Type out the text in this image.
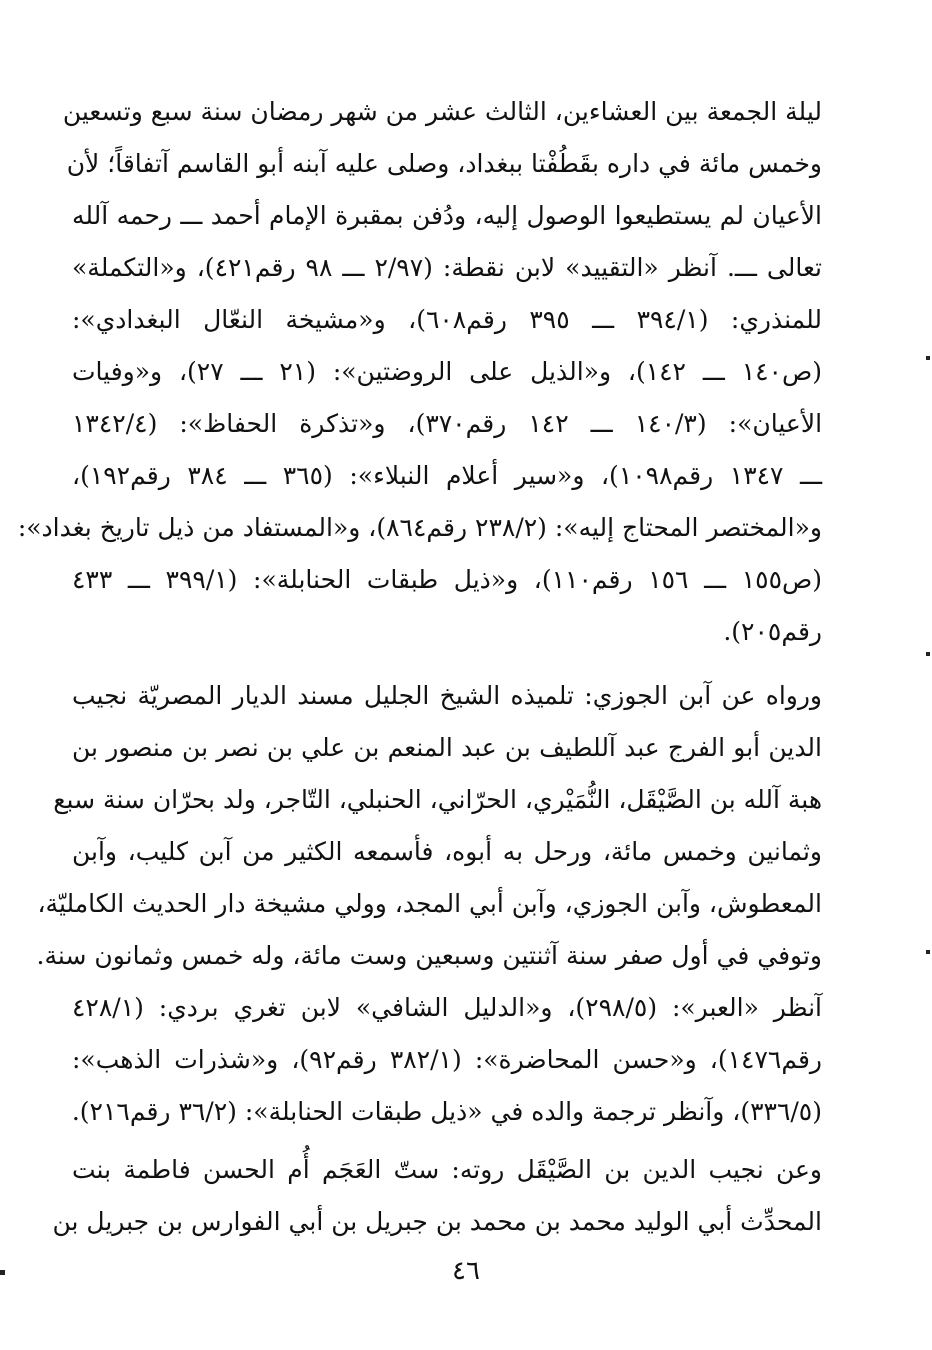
ليلة الجمعة بين العشاءين، الثالث عشر من شهر رمضان سنة سبع وتسعين
وخمس مائة في داره بقَطُفْتا ببغداد، وصلى عليه آبنه أبو القاسم آتفاقاً؛ لأن
الأعيان لم يستطيعوا الوصول إليه، ودُفن بمقبرة الإمام أحمد ـــ رحمه آلله
تعالى ـــ. آنظر «التقييد» لابن نقطة: (٢/٩٧ ـــ ٩٨ رقم٤٢١)، و«التكملة»
للمنذري: (٣٩٤/١ ـــ ٣٩٥ رقم٦٠٨)، و«مشيخة النعّال البغدادي»:
(ص١٤٠ ـــ ١٤٢)، و«الذيل على الروضتين»: (٢١ ـــ ٢٧)، و«وفيات
الأعيان»: (١٤٠/٣ ـــ ١٤٢ رقم٣٧٠)، و«تذكرة الحفاظ»: (١٣٤٢/٤
ـــ ١٣٤٧ رقم١٠٩٨)، و«سير أعلام النبلاء»: (٣٦٥ ـــ ٣٨٤ رقم١٩٢)،
و«المختصر المحتاج إليه»: (٢٣٨/٢ رقم٨٦٤)، و«المستفاد من ذيل تاريخ بغداد»:
(ص١٥٥ ـــ ١٥٦ رقم١١٠)، و«ذيل طبقات الحنابلة»: (٣٩٩/١ ـــ ٤٣٣
رقم٢٠٥).
ورواه عن آبن الجوزي: تلميذه الشيخ الجليل مسند الديار المصريّة نجيب
الدين أبو الفرج عبد آللطيف بن عبد المنعم بن علي بن نصر بن منصور بن
هبة آلله بن الصَّيْقَل، النُّمَيْري، الحرّاني، الحنبلي، التّاجر، ولد بحرّان سنة سبع
وثمانين وخمس مائة، ورحل به أبوه، فأسمعه الكثير من آبن كليب، وآبن
المعطوش، وآبن الجوزي، وآبن أبي المجد، وولي مشيخة دار الحديث الكامليّة،
وتوفي في أول صفر سنة آثنتين وسبعين وست مائة، وله خمس وثمانون سنة.
آنظر «العبر»: (٢٩٨/٥)، و«الدليل الشافي» لابن تغري بردي: (٤٢٨/١
رقم١٤٧٦)، و«حسن المحاضرة»: (٣٨٢/١ رقم٩٢)، و«شذرات الذهب»:
(٣٣٦/٥)، وآنظر ترجمة والده في «ذيل طبقات الحنابلة»: (٣٦/٢ رقم٢١٦).
وعن نجيب الدين بن الصَّيْقَل روته: ستّ العَجَم أُم الحسن فاطمة بنت
المحدِّث أبي الوليد محمد بن محمد بن جبريل بن أبي الفوارس بن جبريل بن
٤٦
